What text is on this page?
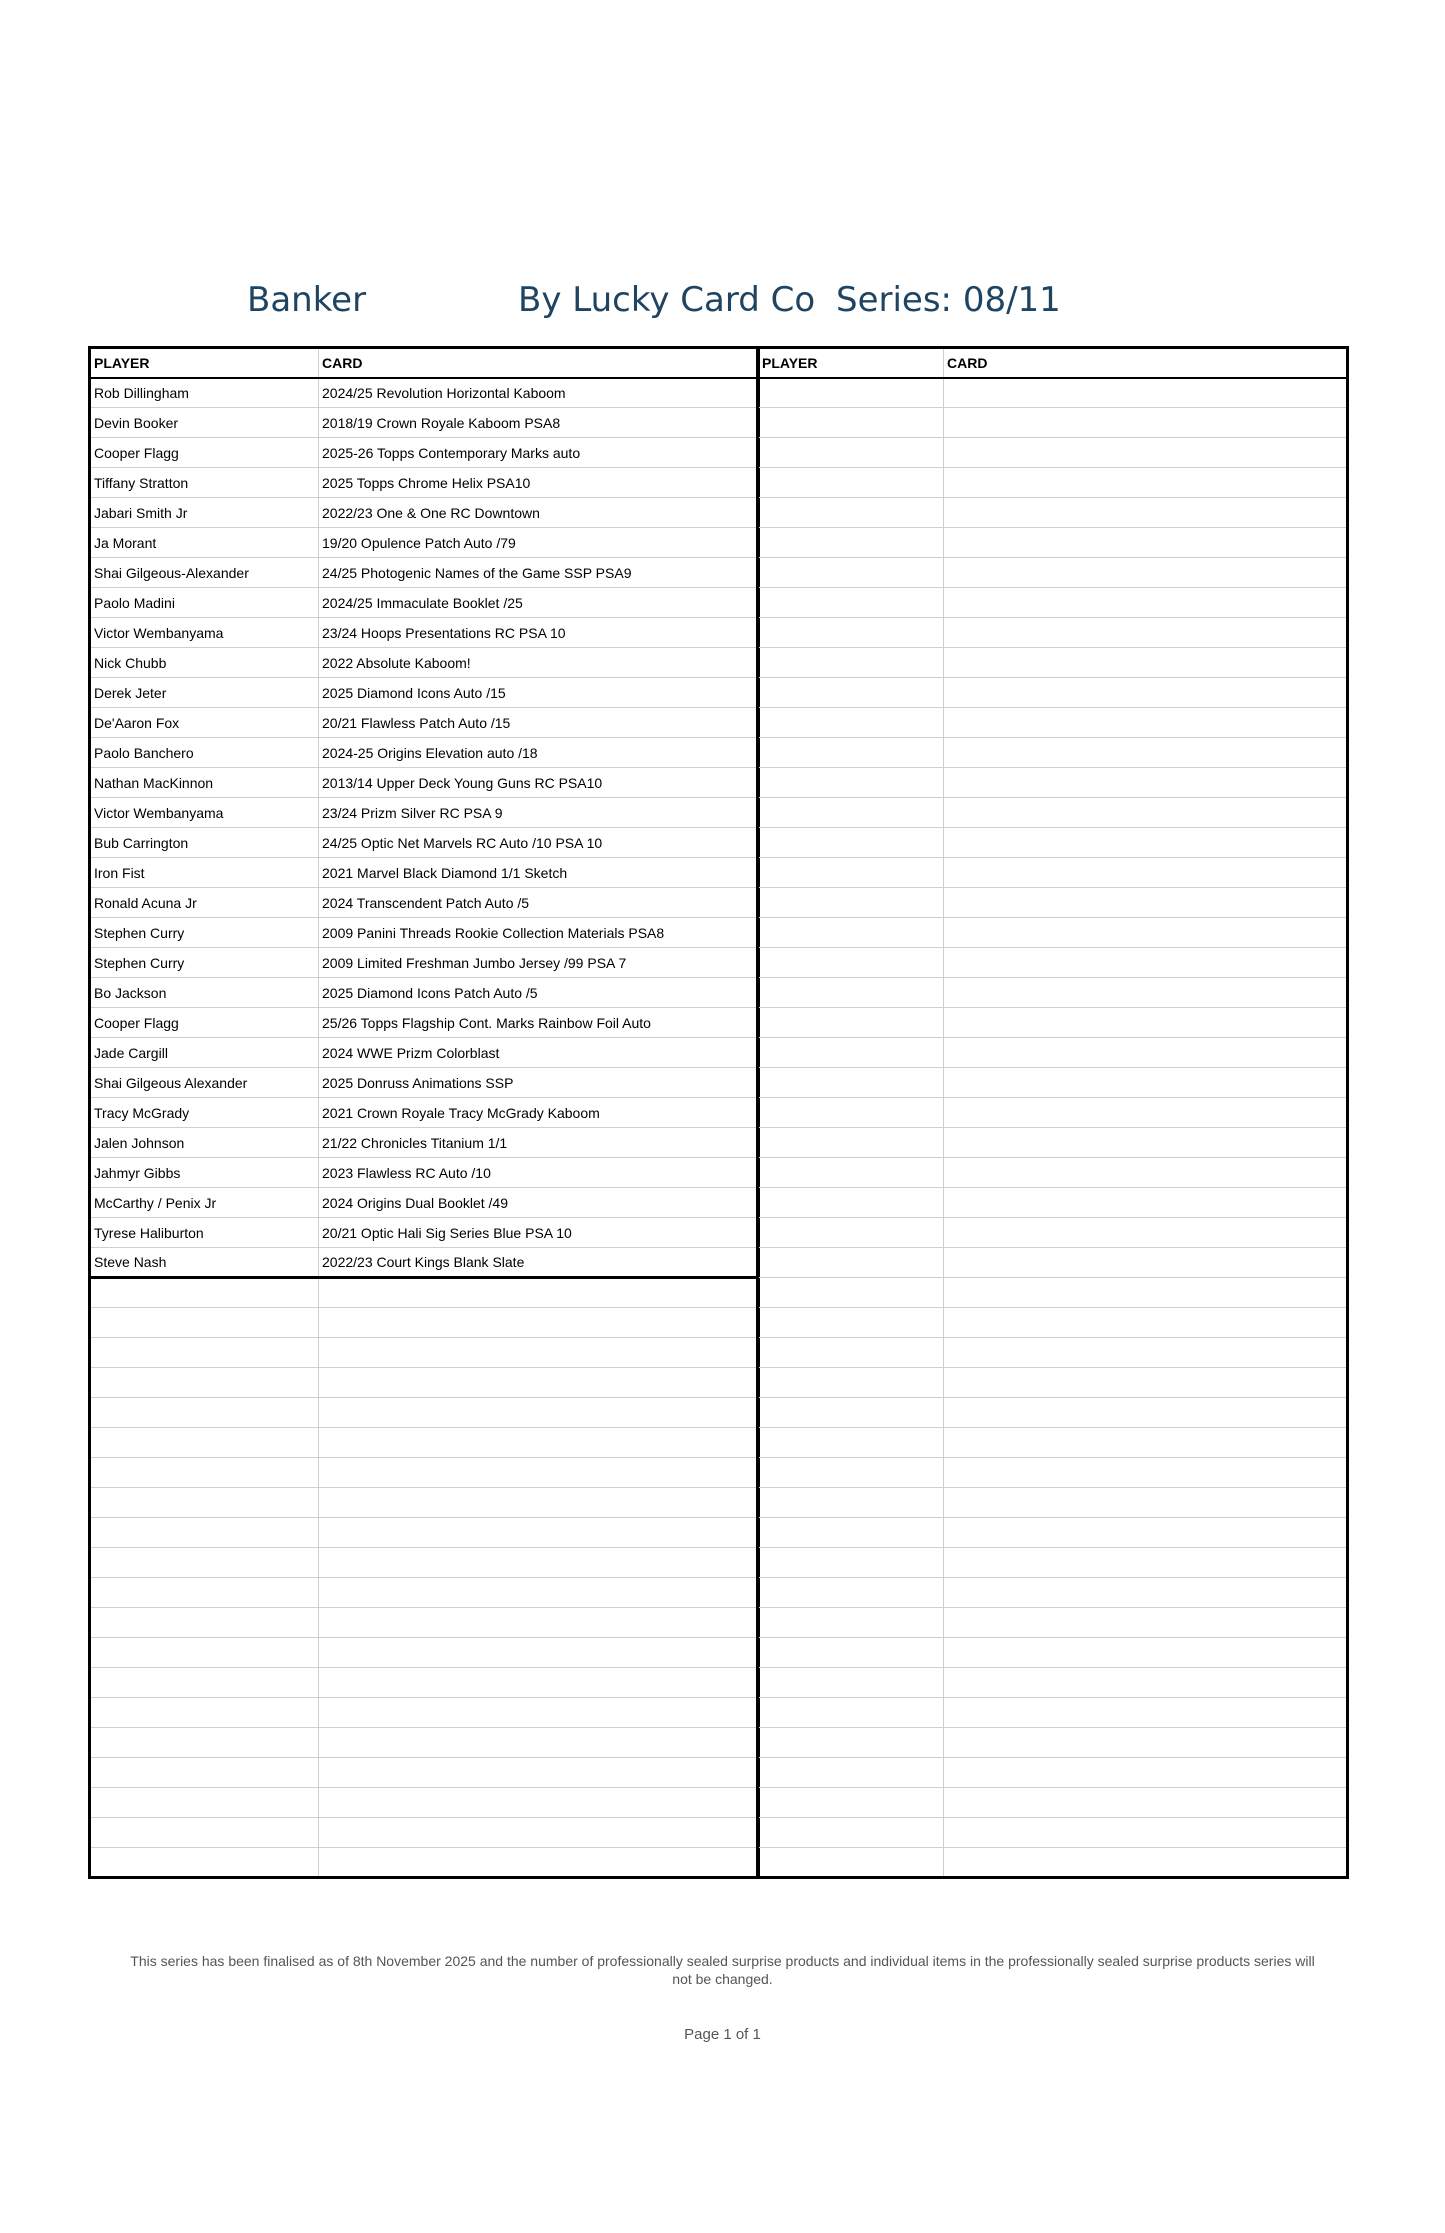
Banker	By Lucky Card Co Series: 08/11
PLAYER	CARD
Rob Dillingham	2024/25 Revolution Horizontal Kaboom
Devin Booker	2018/19 Crown Royale Kaboom PSA8
Cooper Flagg	2025-26 Topps Contemporary Marks auto
Tiffany Stratton	2025 Topps Chrome Helix PSA10
Jabari Smith Jr	2022/23 One & One RC Downtown
Ja Morant	19/20 Opulence Patch Auto /79
Shai Gilgeous-Alexander	24/25 Photogenic Names of the Game SSP PSA9
Paolo Madini	2024/25 Immaculate Booklet /25
Victor Wembanyama	23/24 Hoops Presentations RC PSA 10
Nick Chubb	2022 Absolute Kaboom!
Derek Jeter	2025 Diamond Icons Auto /15
De'Aaron Fox	20/21 Flawless Patch Auto /15
Paolo Banchero	2024-25 Origins Elevation auto /18
Nathan MacKinnon	2013/14 Upper Deck Young Guns RC PSA10
Victor Wembanyama	23/24 Prizm Silver RC PSA 9
Bub Carrington	24/25 Optic Net Marvels RC Auto /10 PSA 10
Iron Fist	2021 Marvel Black Diamond 1/1 Sketch
Ronald Acuna Jr	2024 Transcendent Patch Auto /5
Stephen Curry	2009 Panini Threads Rookie Collection Materials PSA8
Stephen Curry	2009 Limited Freshman Jumbo Jersey /99 PSA 7
Bo Jackson	2025 Diamond Icons Patch Auto /5
Cooper Flagg	25/26 Topps Flagship Cont. Marks Rainbow Foil Auto
Jade Cargill	2024 WWE Prizm Colorblast
Shai Gilgeous Alexander	2025 Donruss Animations SSP
Tracy McGrady	2021 Crown Royale Tracy McGrady Kaboom
Jalen Johnson	21/22 Chronicles Titanium 1/1
Jahmyr Gibbs	2023 Flawless RC Auto /10
McCarthy / Penix Jr	2024 Origins Dual Booklet /49
Tyrese Haliburton	20/21 Optic Hali Sig Series Blue PSA 10
Steve Nash	2022/23 Court Kings Blank Slate

PLAYER	CARD

This series has been finalised as of 8th November 2025 and the number of professionally sealed surprise products and individual items in the professionally sealed surprise products series will not be changed.
Page 1 of 1
